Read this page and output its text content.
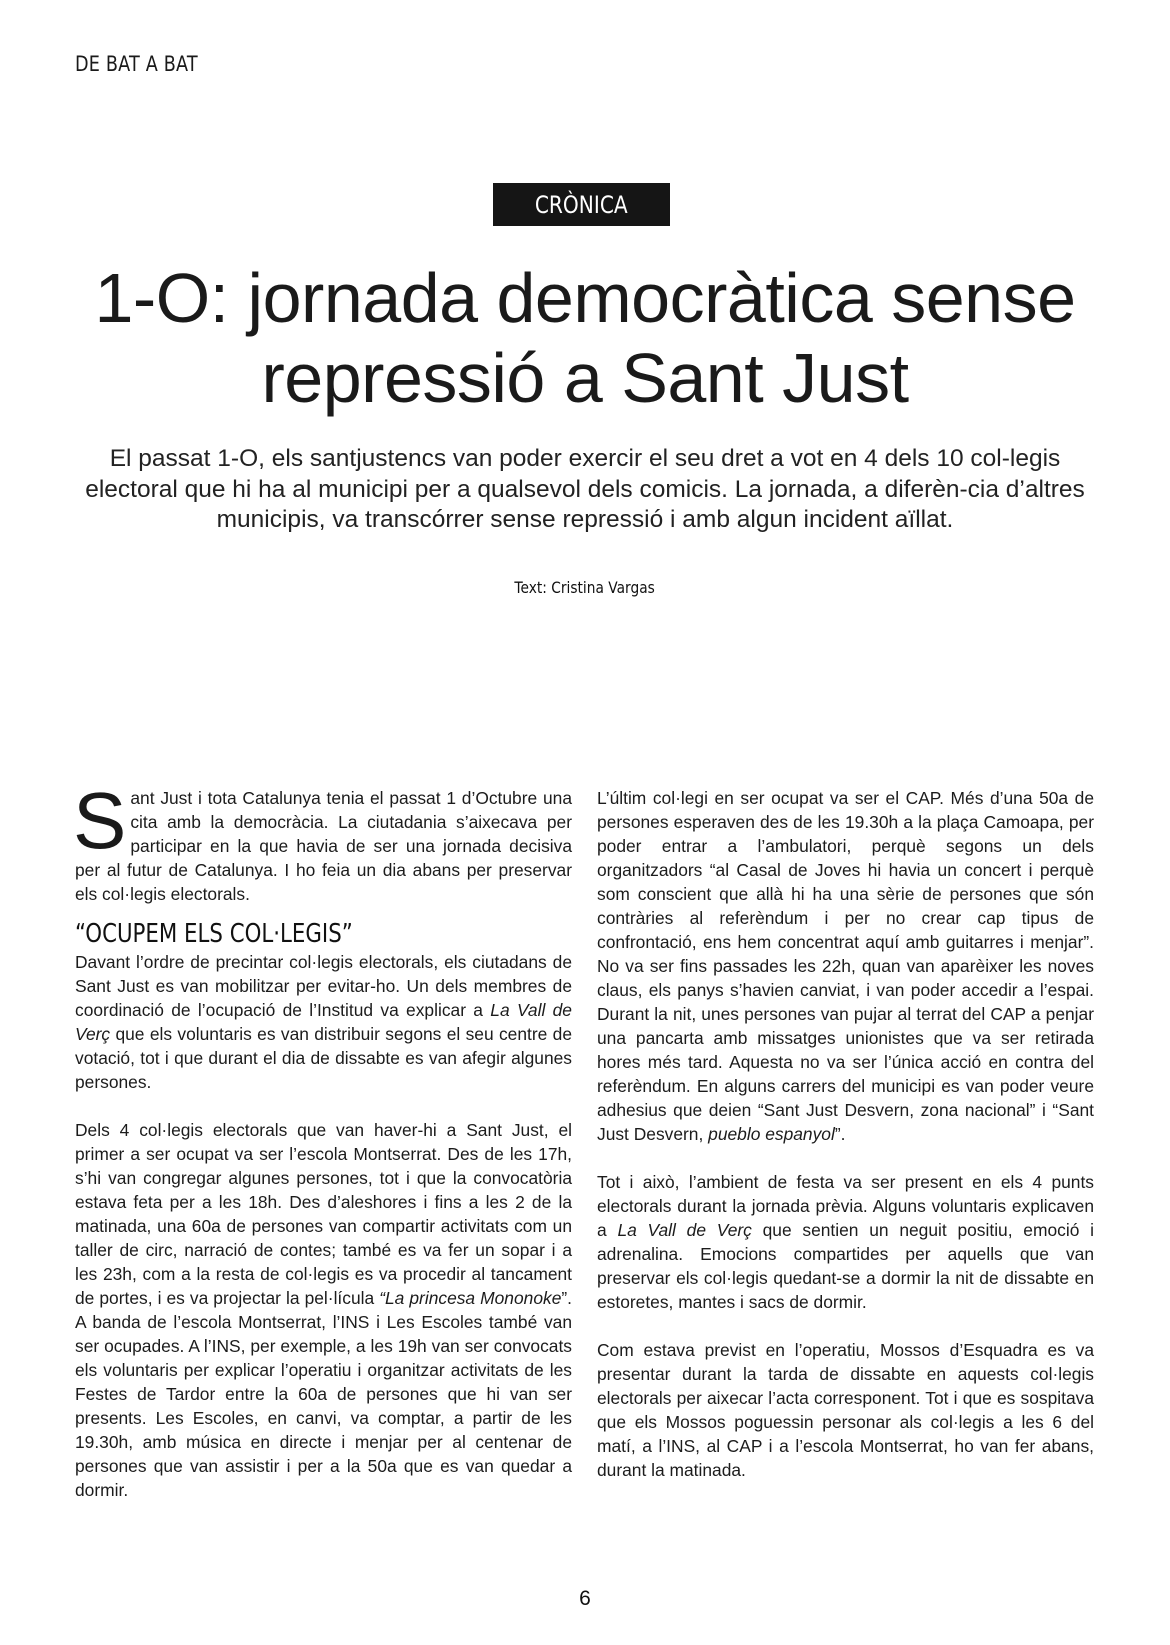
DE BAT A BAT
CRÒNICA
1-O: jornada democràtica sense repressió a Sant Just

El passat 1-O, els santjustencs van poder exercir el seu dret a vot en 4 dels 10 col-legis electoral que hi ha al municipi per a qualsevol dels comicis. La jornada, a diferèn-cia d’altres municipis, va transcórrer sense repressió i amb algun incident aïllat.

Text: Cristina Vargas

Sant Just i tota Catalunya tenia el passat 1 d’Octubre una cita amb la democràcia. La ciutadania s’aixecava per participar en la que havia de ser una jornada decisiva per al futur de Catalunya. I ho feia un dia abans per preservar els col·legis electorals.

“OCUPEM ELS COL·LEGIS”

Davant l’ordre de precintar col·legis electorals, els ciutadans de Sant Just es van mobilitzar per evitar-ho. Un dels membres de coordinació de l’ocupació de l’Institud va explicar a La Vall de Verç que els voluntaris es van distribuir segons el seu centre de votació, tot i que durant el dia de dissabte es van afegir algunes persones.

Dels 4 col·legis electorals que van haver-hi a Sant Just, el primer a ser ocupat va ser l’escola Montserrat. Des de les 17h, s’hi van congregar algunes persones, tot i que la convocatòria estava feta per a les 18h. Des d’aleshores i fins a les 2 de la matinada, una 60a de persones van compartir activitats com un taller de circ, narració de contes; també es va fer un sopar i a les 23h, com a la resta de col·legis es va procedir al tancament de portes, i es va projectar la pel·lícula “La princesa Mononoke”. A banda de l’escola Montserrat, l’INS i Les Escoles també van ser ocupades. A l’INS, per exemple, a les 19h van ser convocats els voluntaris per explicar l’operatiu i organitzar activitats de les Festes de Tardor entre la 60a de persones que hi van ser presents. Les Escoles, en canvi, va comptar, a partir de les 19.30h, amb música en directe i menjar per al centenar de persones que van assistir i per a la 50a que es van quedar a dormir.

L’últim col·legi en ser ocupat va ser el CAP. Més d’una 50a de persones esperaven des de les 19.30h a la plaça Camoapa, per poder entrar a l’ambulatori, perquè segons un dels organitzadors “al Casal de Joves hi havia un concert i perquè som conscient que allà hi ha una sèrie de persones que són contràries al referèndum i per no crear cap tipus de confrontació, ens hem concentrat aquí amb guitarres i menjar”. No va ser fins passades les 22h, quan van aparèixer les noves claus, els panys s’havien canviat, i van poder accedir a l’espai. Durant la nit, unes persones van pujar al terrat del CAP a penjar una pancarta amb missatges unionistes que va ser retirada hores més tard. Aquesta no va ser l’única acció en contra del referèndum. En alguns carrers del municipi es van poder veure adhesius que deien “Sant Just Desvern, zona nacional” i “Sant Just Desvern, pueblo espanyol”.

Tot i això, l’ambient de festa va ser present en els 4 punts electorals durant la jornada prèvia. Alguns voluntaris explicaven a La Vall de Verç que sentien un neguit positiu, emoció i adrenalina. Emocions compartides per aquells que van preservar els col·legis quedant-se a dormir la nit de dissabte en estoretes, mantes i sacs de dormir.

Com estava previst en l’operatiu, Mossos d’Esquadra es va presentar durant la tarda de dissabte en aquests col·legis electorals per aixecar l’acta corresponent. Tot i que es sospitava que els Mossos poguessin personar als col·legis a les 6 del matí, a l’INS, al CAP i a l’escola Montserrat, ho van fer abans, durant la matinada.

6
